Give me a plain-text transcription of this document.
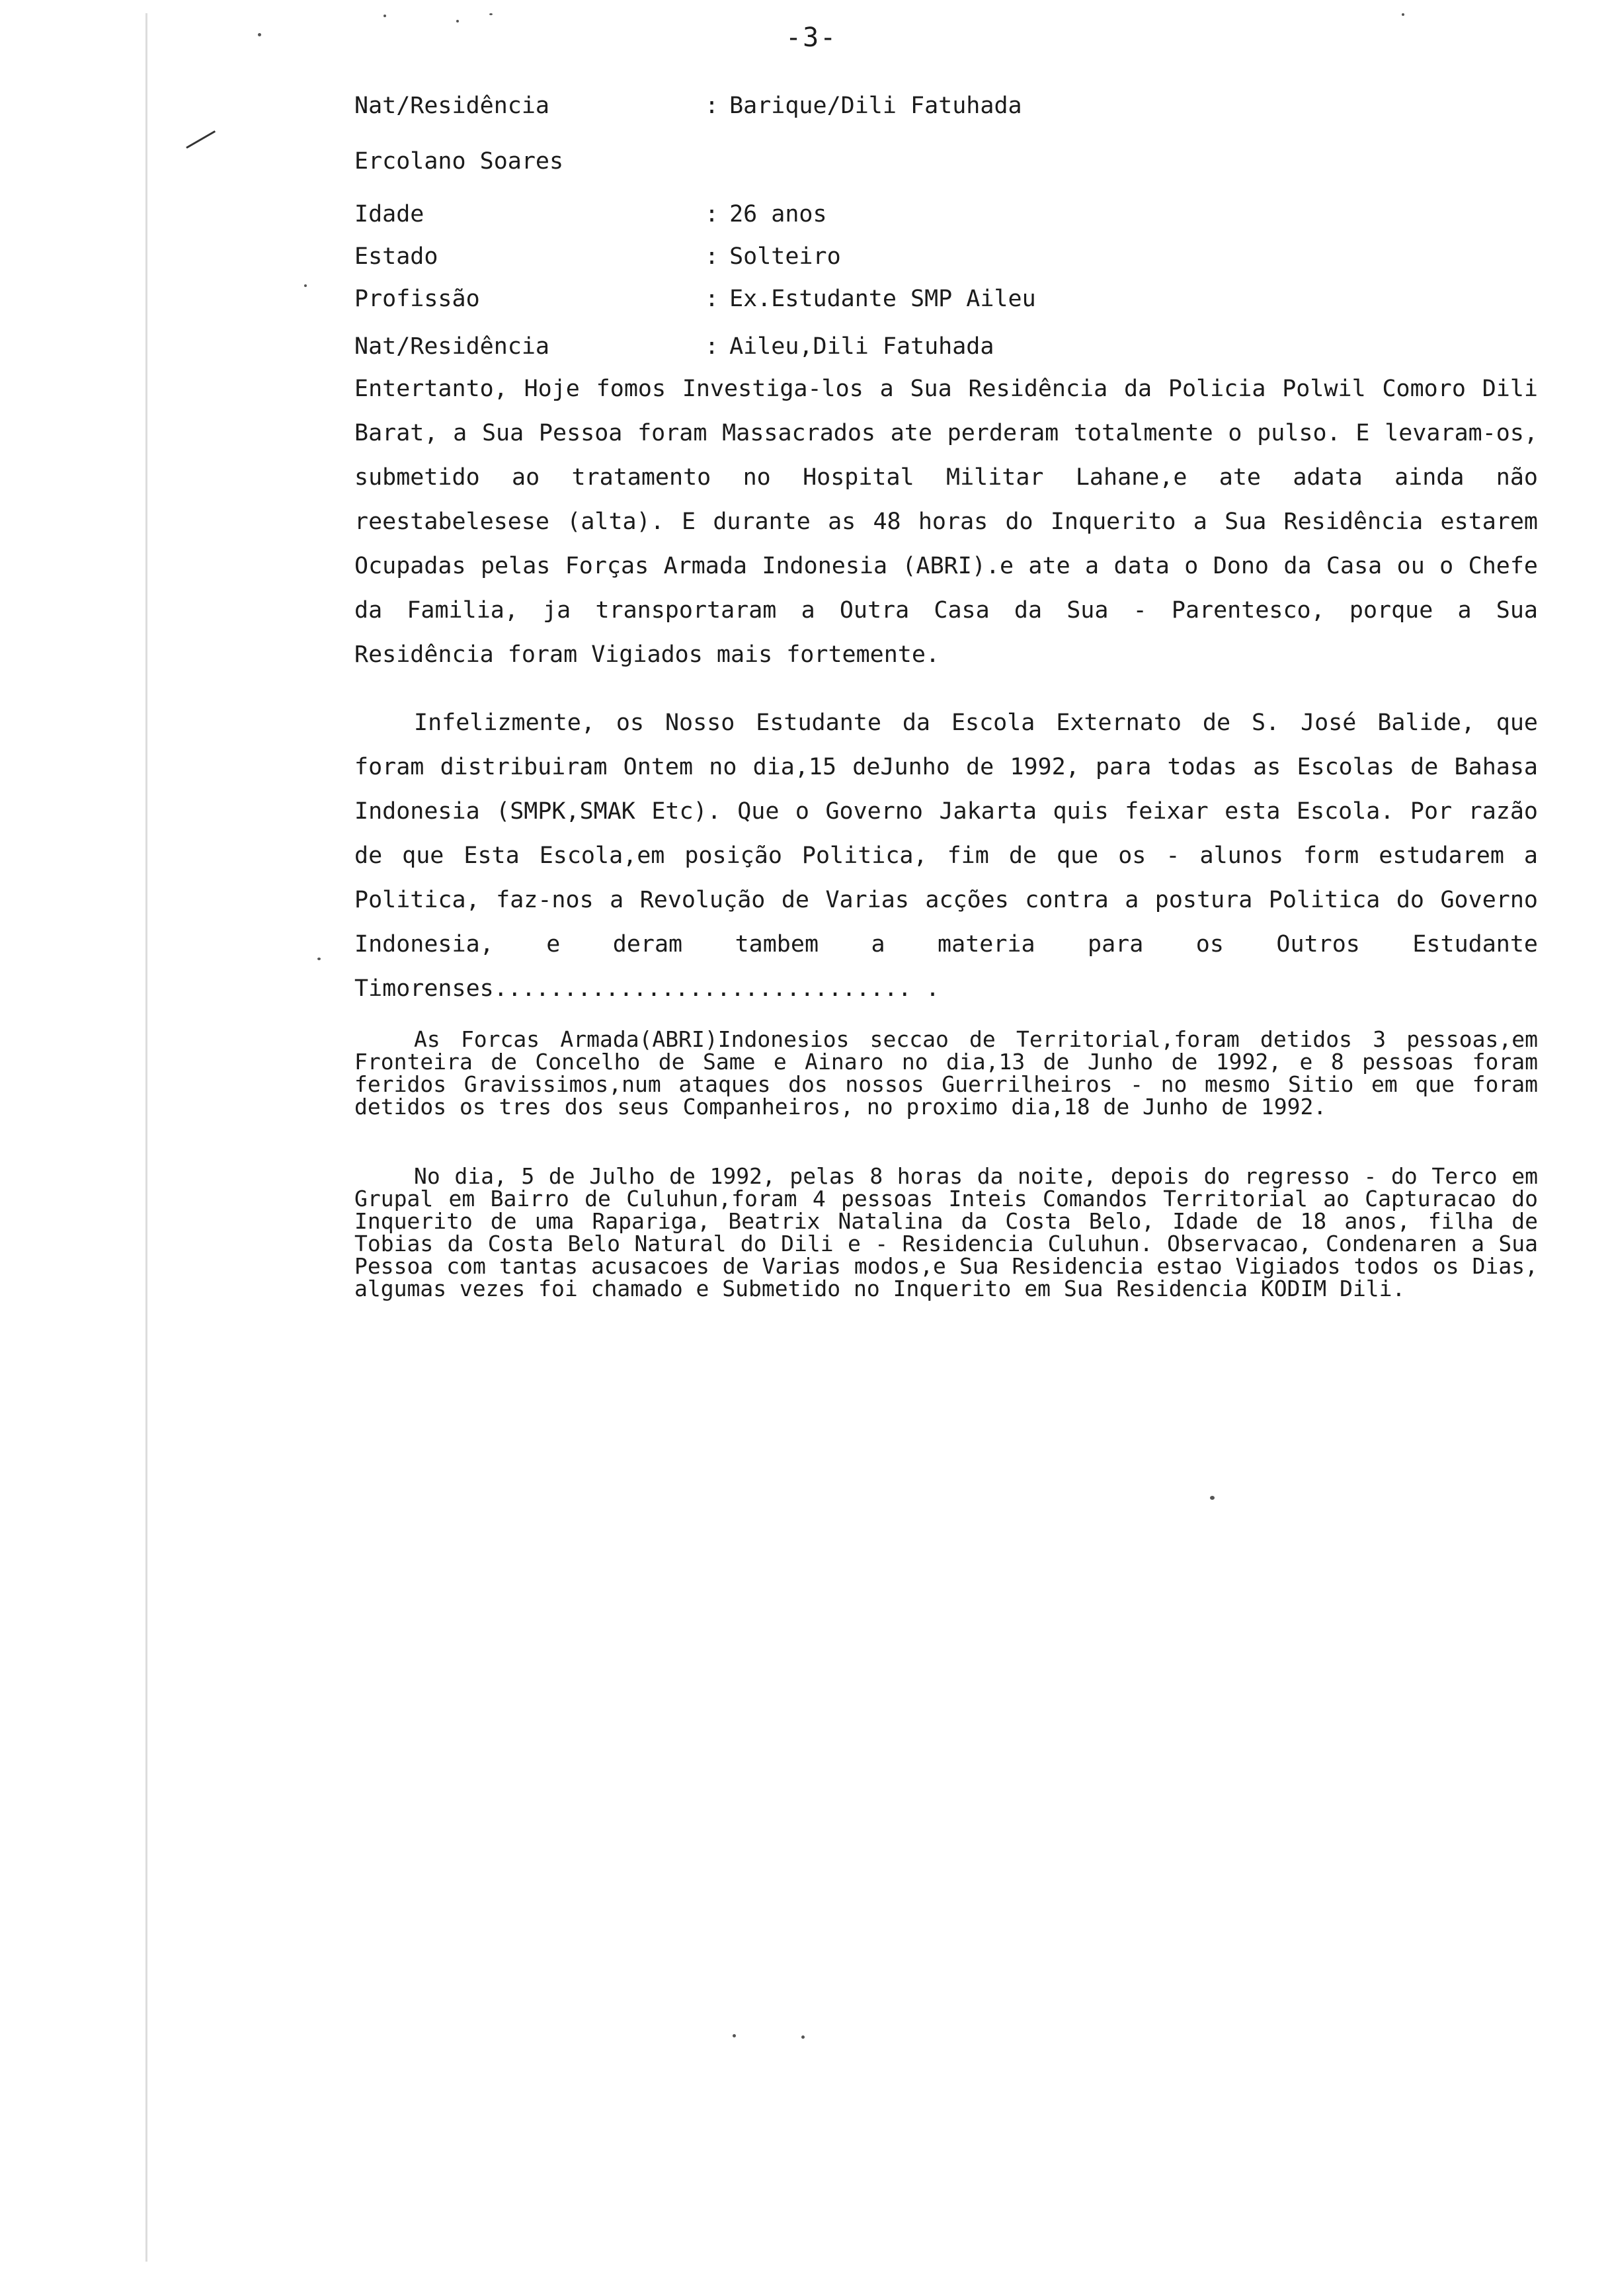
-3-
Nat/Residência	: Barique/Dili Fatuhada
Ercolano Soares
Idade	: 26 anos
Estado	: Solteiro
Profissão	: Ex.Estudante SMP Aileu
Nat/Residência	: Aileu,Dili Fatuhada

Entertanto, Hoje fomos Investiga-los a Sua Residência da Policia Polwil Comoro Dili Barat, a Sua Pessoa foram Massacrados ate perderam totalmente o pulso. E levaram-os, submetido ao tratamento no Hospital Militar Lahane,e ate adata ainda não reestabelesese (alta). E durante as 48 horas do Inquerito a Sua Residência estarem Ocupadas pelas Forças Armada Indonesia (ABRI).e ate a data o Dono da Casa ou o Chefe da Familia, ja transportaram a Outra Casa da Sua - Parentesco, porque a Sua Residência foram Vigiados mais fortemente.

Infelizmente, os Nosso Estudante da Escola Externato de S. José Balide, que foram distribuiram Ontem no dia,15 deJunho de 1992, para todas as Escolas de Bahasa Indonesia (SMPK,SMAK Etc). Que o Governo Jakarta quis feixar esta Escola. Por razão de que Esta Escola,em posição Politica, fim de que os - alunos form estudarem a Politica, faz-nos a Revolução de Varias acções contra a postura Politica do Governo Indonesia, e deram tambem a materia para os Outros Estudante Timorenses.............................. .

As Forcas Armada(ABRI)Indonesios seccao de Territorial,foram detidos 3 pessoas,em Fronteira de Concelho de Same e Ainaro no dia,13 de Junho de 1992, e 8 pessoas foram feridos Gravissimos,num ataques dos nossos Guerrilheiros - no mesmo Sitio em que foram detidos os tres dos seus Companheiros, no proximo dia,18 de Junho de 1992.

No dia, 5 de Julho de 1992, pelas 8 horas da noite, depois do regresso - do Terco em Grupal em Bairro de Culuhun,foram 4 pessoas Inteis Comandos Territorial ao Capturacao do Inquerito de uma Rapariga, Beatrix Natalina da Costa Belo, Idade de 18 anos, filha de Tobias da Costa Belo Natural do Dili e - Residencia Culuhun. Observacao, Condenaren a Sua Pessoa com tantas acusacoes de Varias modos,e Sua Residencia estao Vigiados todos os Dias, algumas vezes foi chamado e Submetido no Inquerito em Sua Residencia KODIM Dili.
